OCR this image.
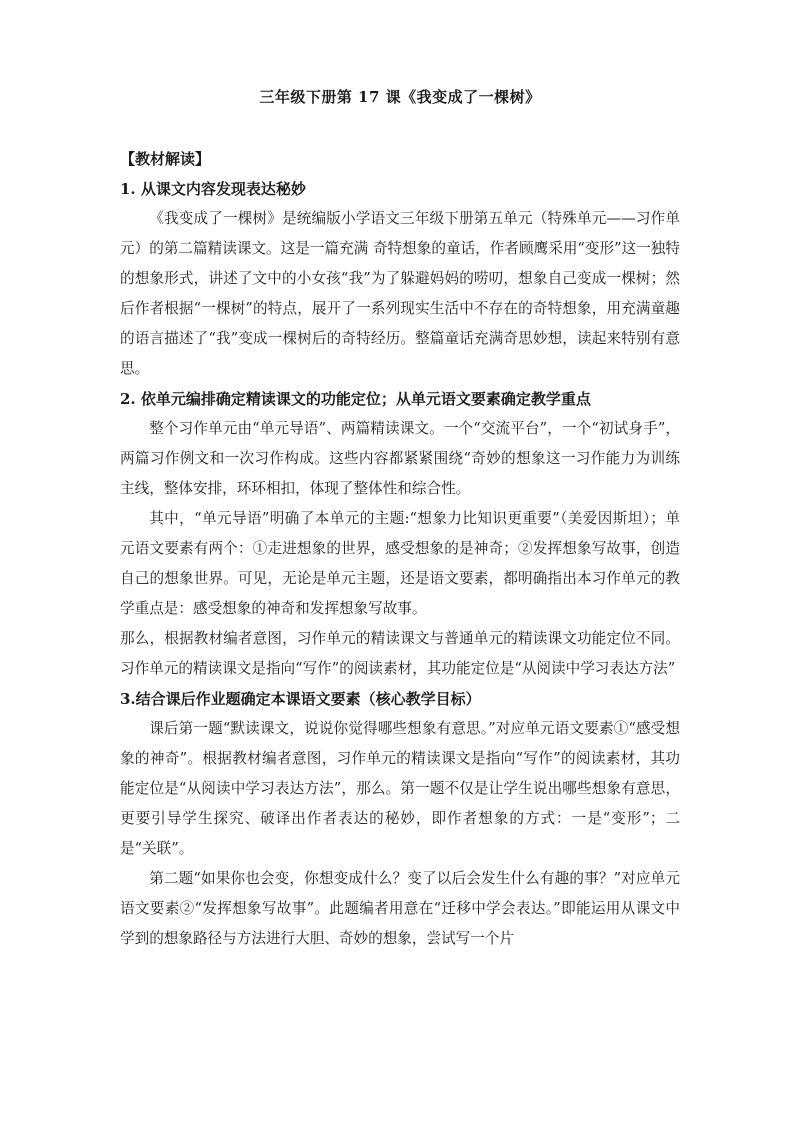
三年级下册第 17 课《我变成了一棵树》

【教材解读】

1. 从课文内容发现表达秘妙

《我变成了一棵树》是统编版小学语文三年级下册第五单元（特殊单元——习作单元）的第二篇精读课文。这是一篇充满 奇特想象的童话，作者顾鹰采用“变形”这一独特的想象形式，讲述了文中的小女孩“我”为了躲避妈妈的唠叨，想象自己变成一棵树；然后作者根据“一棵树”的特点，展开了一系列现实生活中不存在的奇特想象，用充满童趣的语言描述了“我”变成一棵树后的奇特经历。整篇童话充满奇思妙想，读起来特别有意思。

2. 依单元编排确定精读课文的功能定位；从单元语文要素确定教学重点

整个习作单元由“单元导语”、两篇精读课文。一个“交流平台”，一个“初试身手”，两篇习作例文和一次习作构成。这些内容都紧紧围绕“奇妙的想象这一习作能力为训练主线，整体安排，环环相扣，体现了整体性和综合性。

其中，“单元导语”明确了本单元的主题:“想象力比知识更重要”（美爱因斯坦）；单元语文要素有两个：①走进想象的世界，感受想象的是神奇；②发挥想象写故事，创造自己的想象世界。可见，无论是单元主题，还是语文要素，都明确指出本习作单元的教学重点是：感受想象的神奇和发挥想象写故事。

那么，根据教材编者意图，习作单元的精读课文与普通单元的精读课文功能定位不同。习作单元的精读课文是指向“写作”的阅读素材，其功能定位是“从阅读中学习表达方法”

3.结合课后作业题确定本课语文要素（核心教学目标）

课后第一题“默读课文，说说你觉得哪些想象有意思。”对应单元语文要素①“感受想象的神奇”。根据教材编者意图，习作单元的精读课文是指向“写作”的阅读素材，其功能定位是“从阅读中学习表达方法”，那么。第一题不仅是让学生说出哪些想象有意思，更要引导学生探究、破译出作者表达的秘妙，即作者想象的方式：一是“变形”；二是“关联”。

第二题“如果你也会变，你想变成什么？变了以后会发生什么有趣的事？”对应单元语文要素②“发挥想象写故事”。此题编者用意在“迁移中学会表达。”即能运用从课文中学到的想象路径与方法进行大胆、奇妙的想象，尝试写一个片
